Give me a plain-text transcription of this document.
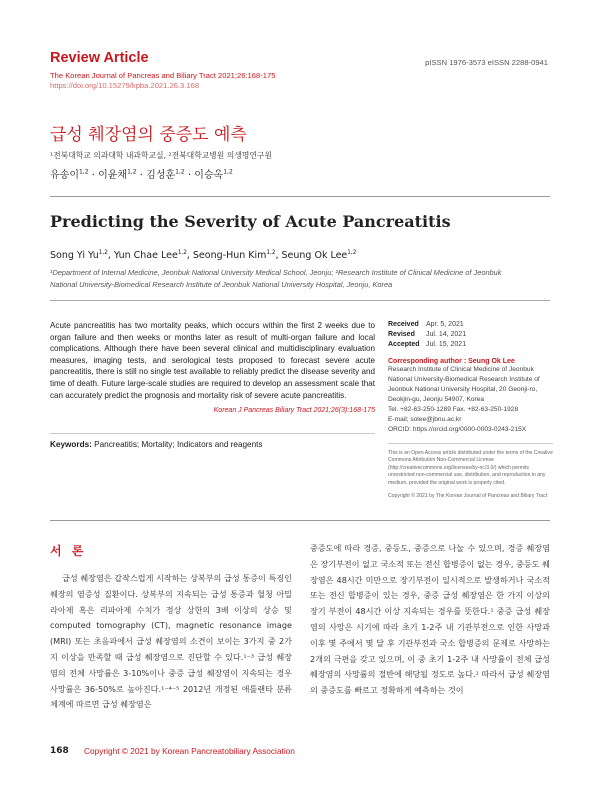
Review Article
The Korean Journal of Pancreas and Biliary Tract 2021;26:168-175
https://doi.org/10.15279/kpba.2021.26.3.168
pISSN 1976-3573 eISSN 2288-0941
급성 췌장염의 중증도 예측
¹전북대학교 의과대학 내과학교실, ²전북대학교병원 의생명연구원
유송이$^{1,2}$ · 이윤채$^{1,2}$ · 김성훈$^{1,2}$ · 이승옥$^{1,2}$
Predicting the Severity of Acute Pancreatitis
Song Yi Yu$^{1,2}$, Yun Chae Lee$^{1,2}$, Seong-Hun Kim$^{1,2}$, Seung Ok Lee$^{1,2}$
¹Department of Internal Medicine, Jeonbuk National University Medical School, Jeonju; ²Research Institute of Clinical Medicine of Jeonbuk
National University-Biomedical Research Institute of Jeonbuk National University Hospital, Jeonju, Korea

Acute pancreatitis has two mortality peaks, which occurs within the first 2 weeks due to organ failure and then weeks or months later as result of multi-organ failure and local complications. Although there have been several clinical and multidisciplinary evaluation measures, imaging tests, and serological tests proposed to forecast severe acute pancreatitis, there is still no single test available to reliably predict the disease severity and time of death. Future large-scale studies are required to develop an assessment scale that can accurately predict the prognosis and mortality risk of severe acute pancreatitis.

Korean J Pancreas Biliary Tract 2021;26(3):168-175
Keywords: Pancreatitis; Mortality; Indicators and reagents
Received Apr. 5, 2021
Revised Jul. 14, 2021
Accepted Jul. 15, 2021
Corresponding author : Seung Ok Lee
Research Institute of Clinical Medicine of Jeonbuk
National University-Biomedical Research Institute of
Jeonbuk National University Hospital, 20 Geonji-ro,
Deokjin-gu, Jeonju 54907, Korea
Tel. +82-63-250-1289 Fax. +82-63-250-1928
E-mail; solee@jbnu.ac.kr
ORCID: https://orcid.org/0000-0003-0243-215X
This is an Open Access article distributed under the terms of the Creative Commons Attribution Non-Commercial License (http://creativecommons.org/licenses/by-nc/3.0/) which permits unrestricted non-commercial use, distribution, and reproduction in any medium, provided the original work is properly cited.
Copyright © 2021 by The Korean Journal of Pancreas and Biliary Tract
서 론

급성 췌장염은 갑작스럽게 시작하는 상복부의 급성 통증이 특징인 췌장의 염증성 질환이다. 상복부의 지속되는 급성 통증과 혈청 아밀라아제 혹은 리파아제 수치가 정상 상한의 3배 이상의 상승 및 computed tomography (CT), magnetic resonance image (MRI) 또는 초음파에서 급성 췌장염의 소견이 보이는 3가지 중 2가지 이상을 만족할 때 급성 췌장염으로 진단할 수 있다.¹⁻³ 급성 췌장염의 전체 사망률은 3-10%이나 중증 급성 췌장염이 지속되는 경우 사망률은 36-50%로 높아진다.¹⁻⁴⁻⁵ 2012년 개정된 애틀랜타 분류 체계에 따르면 급성 췌장염은

중증도에 따라 경증, 중등도, 중증으로 나눌 수 있으며, 경증 췌장염은 장기부전이 없고 국소적 또는 전신 합병증이 없는 경우, 중등도 췌장염은 48시간 미만으로 장기부전이 일시적으로 발생하거나 국소적 또는 전신 합병증이 있는 경우, 중증 급성 췌장염은 한 가지 이상의 장기 부전이 48시간 이상 지속되는 경우를 뜻한다.¹ 중증 급성 췌장염의 사망은 시기에 따라 초기 1-2주 내 기관부전으로 인한 사망과 이후 몇 주에서 몇 달 후 기관부전과 국소 합병증의 문제로 사망하는 2개의 극편을 갖고 있으며, 이 중 초기 1-2주 내 사망률이 전체 급성 췌장염의 사망률의 절반에 해당될 정도로 높다.¹ 따라서 급성 췌장염의 중증도를 빠르고 정확하게 예측하는 것이

168 Copyright © 2021 by Korean Pancreatobiliary Association
